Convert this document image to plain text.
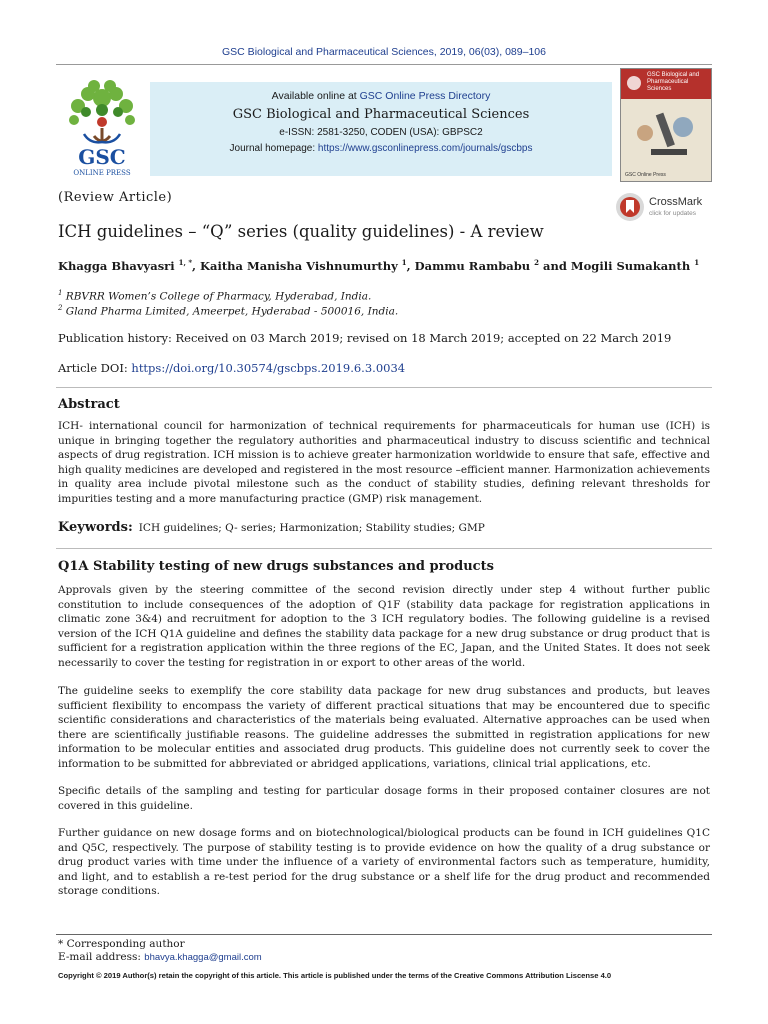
GSC Biological and Pharmaceutical Sciences, 2019, 06(03), 089–106
GSC
ONLINE PRESS
Available online at GSC Online Press Directory
GSC Biological and Pharmaceutical Sciences
e-ISSN: 2581-3250, CODEN (USA): GBPSC2
Journal homepage: https://www.gsconlinepress.com/journals/gscbps
GSC Biological and Pharmaceutical Sciences
GSC Online Press
(Review Article)	CrossMark
click for updates
ICH guidelines – “Q” series (quality guidelines) - A review
Khagga Bhavyasri $^{1, *}$, Kaitha Manisha Vishnumurthy $^1$, Dammu Rambabu $^2$ and Mogili Sumakanth $^1$
$^1$ RBVRR Women’s College of Pharmacy, Hyderabad, India.
$^2$ Gland Pharma Limited, Ameerpet, Hyderabad - 500016, India.
Publication history: Received on 03 March 2019; revised on 18 March 2019; accepted on 22 March 2019
Article DOI: https://doi.org/10.30574/gscbps.2019.6.3.0034
Abstract

ICH- international council for harmonization of technical requirements for pharmaceuticals for human use (ICH) is unique in bringing together the regulatory authorities and pharmaceutical industry to discuss scientific and technical aspects of drug registration. ICH mission is to achieve greater harmonization worldwide to ensure that safe, effective and high quality medicines are developed and registered in the most resource –efficient manner. Harmonization achievements in quality area include pivotal milestone such as the conduct of stability studies, defining relevant thresholds for impurities testing and a more manufacturing practice (GMP) risk management.

Keywords: ICH guidelines; Q- series; Harmonization; Stability studies; GMP
Q1A Stability testing of new drugs substances and products

Approvals given by the steering committee of the second revision directly under step 4 without further public constitution to include consequences of the adoption of Q1F (stability data package for registration applications in climatic zone 3&4) and recruitment for adoption to the 3 ICH regulatory bodies. The following guideline is a revised version of the ICH Q1A guideline and defines the stability data package for a new drug substance or drug product that is sufficient for a registration application within the three regions of the EC, Japan, and the United States. It does not seek necessarily to cover the testing for registration in or export to other areas of the world.

The guideline seeks to exemplify the core stability data package for new drug substances and products, but leaves sufficient flexibility to encompass the variety of different practical situations that may be encountered due to specific scientific considerations and characteristics of the materials being evaluated. Alternative approaches can be used when there are scientifically justifiable reasons. The guideline addresses the submitted in registration applications for new information to be molecular entities and associated drug products. This guideline does not currently seek to cover the information to be submitted for abbreviated or abridged applications, variations, clinical trial applications, etc.

Specific details of the sampling and testing for particular dosage forms in their proposed container closures are not covered in this guideline.

Further guidance on new dosage forms and on biotechnological/biological products can be found in ICH guidelines Q1C and Q5C, respectively. The purpose of stability testing is to provide evidence on how the quality of a drug substance or drug product varies with time under the influence of a variety of environmental factors such as temperature, humidity, and light, and to establish a re-test period for the drug substance or a shelf life for the drug product and recommended storage conditions.

* Corresponding author
E-mail address: bhavya.khagga@gmail.com
Copyright © 2019 Author(s) retain the copyright of this article. This article is published under the terms of the Creative Commons Attribution Liscense 4.0
